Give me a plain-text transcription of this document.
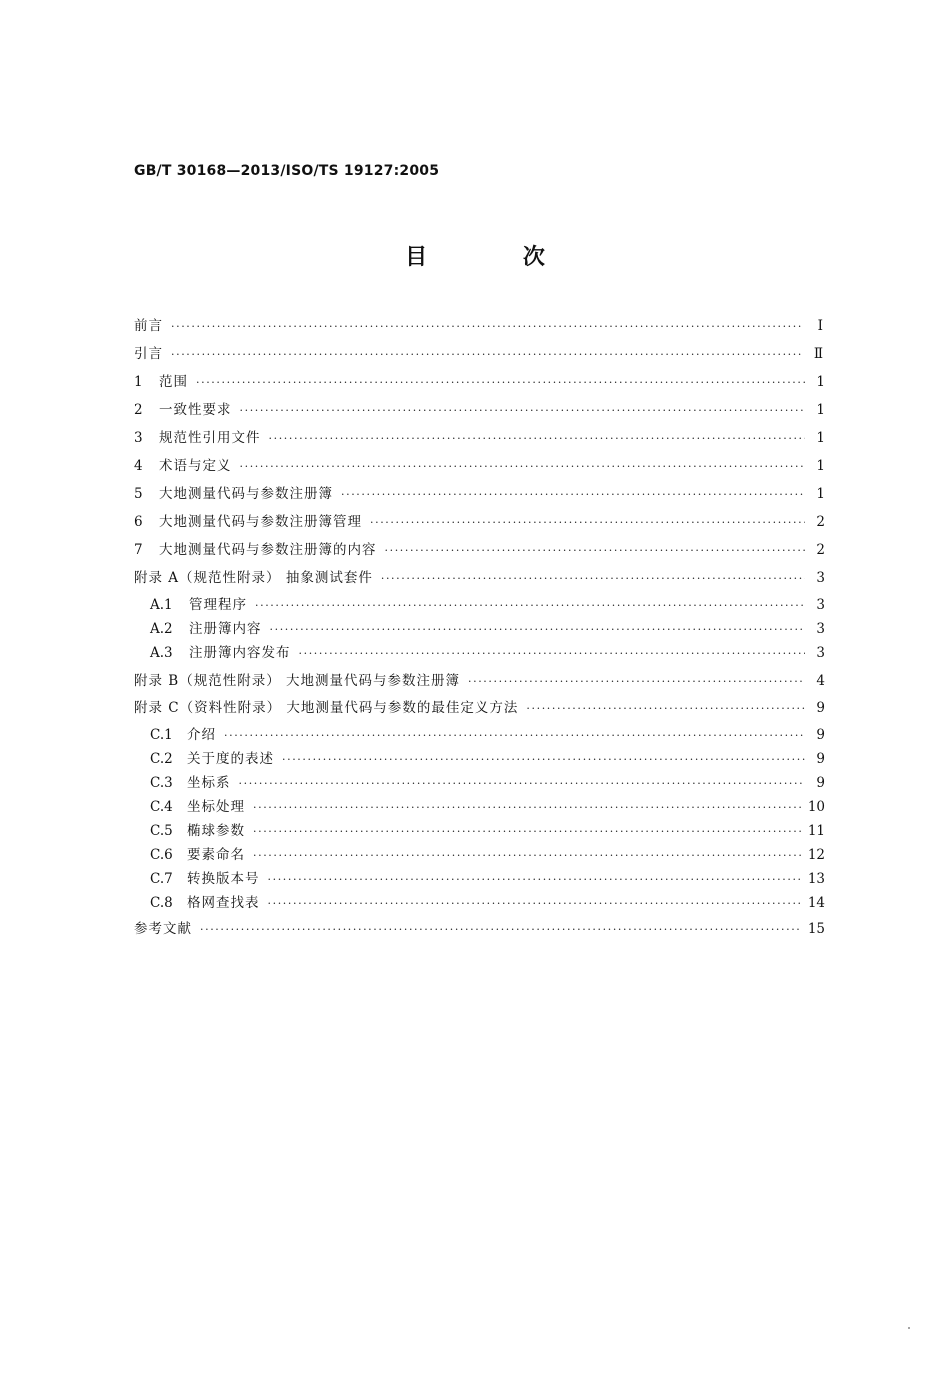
GB/T 30168—2013/ISO/TS 19127:2005
目 次
前言 ·····	Ⅰ
引言 ·····	Ⅱ
1	范围 ·····	1
2	一致性要求 ·····	1
3	规范性引用文件 ·····	1
4	术语与定义 ·····	1
5	大地测量代码与参数注册簿 ·····	1
6	大地测量代码与参数注册簿管理 ·····	2
7	大地测量代码与参数注册簿的内容 ·····	2
附录 A（规范性附录） 抽象测试套件 ·····	3
A.1	管理程序 ·····	3
A.2	注册簿内容 ·····	3
A.3	注册簿内容发布 ·····	3
附录 B（规范性附录） 大地测量代码与参数注册簿 ·····	4
附录 C（资料性附录） 大地测量代码与参数的最佳定义方法 ·····	9
C.1	介绍 ·····	9
C.2	关于度的表述 ·····	9
C.3	坐标系 ·····	9
C.4	坐标处理 ·····	10
C.5	椭球参数 ·····	11
C.6	要素命名 ·····	12
C.7	转换版本号 ·····	13
C.8	格网查找表 ·····	14
参考文献 ·····	15
